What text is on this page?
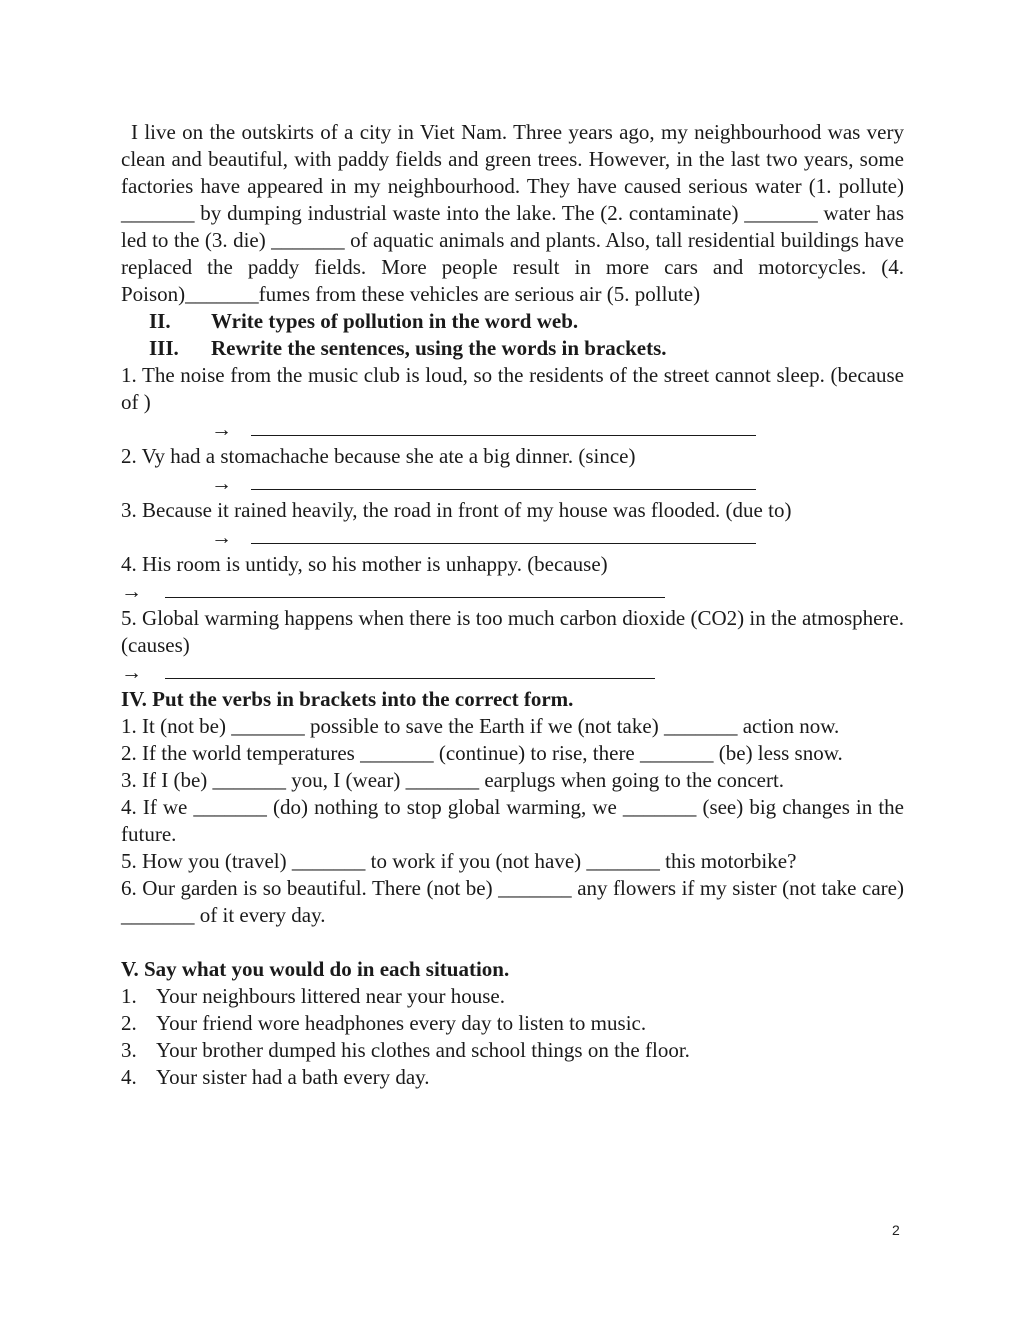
I live on the outskirts of a city in Viet Nam. Three years ago, my neighbourhood was very clean and beautiful, with paddy fields and green trees. However, in the last two years, some factories have appeared in my neighbourhood. They have caused serious water (1. pollute) _______ by dumping industrial waste into the lake. The (2. contaminate) _______ water has led to the (3. die) _______ of aquatic animals and plants. Also, tall residential buildings have replaced the paddy fields. More people result in more cars and motorcycles. (4. Poison)_______fumes from these vehicles are serious air (5. pollute)
II.	Write types of pollution in the word web.
III.	Rewrite the sentences, using the words in brackets.
1. The noise from the music club is loud, so the residents of the street cannot sleep. (because of )
→
2. Vy had a stomachache because she ate a big dinner. (since)
→
3. Because it rained heavily, the road in front of my house was flooded. (due to)
→
4. His room is untidy, so his mother is unhappy. (because)
→
5. Global warming happens when there is too much carbon dioxide (CO2) in the atmosphere. (causes)
→
IV. Put the verbs in brackets into the correct form.
1. It (not be) _______ possible to save the Earth if we (not take) _______ action now.
2. If the world temperatures _______ (continue) to rise, there _______ (be) less snow.
3. If I (be) _______ you, I (wear) _______ earplugs when going to the concert.
4. If we _______ (do) nothing to stop global warming, we _______ (see) big changes in the future.
5. How you (travel) _______ to work if you (not have) _______ this motorbike?
6. Our garden is so beautiful. There (not be) _______ any flowers if my sister (not take care) _______ of it every day.
V. Say what you would do in each situation.
1. Your neighbours littered near your house.
2. Your friend wore headphones every day to listen to music.
3. Your brother dumped his clothes and school things on the floor.
4. Your sister had a bath every day.
2
